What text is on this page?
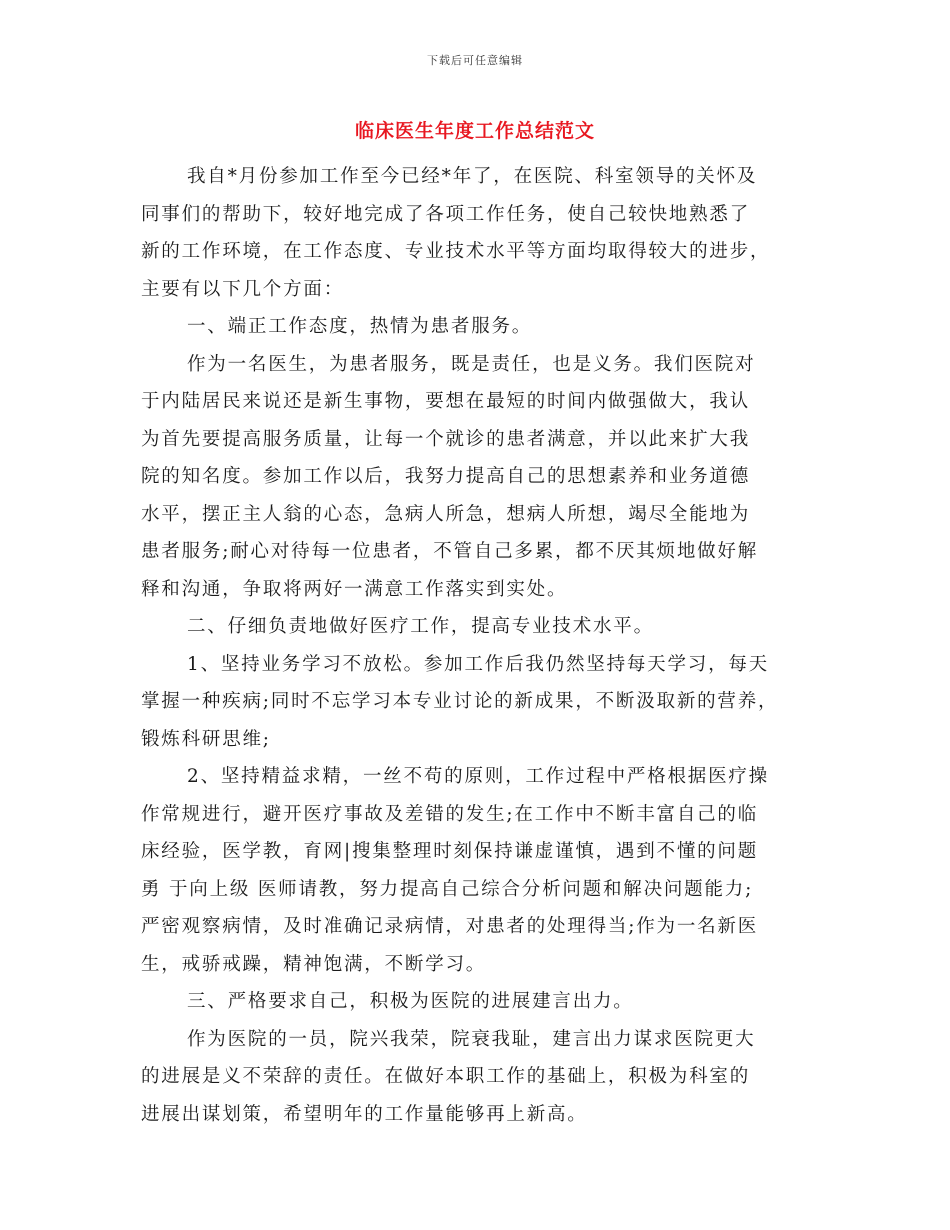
下载后可任意编辑
临床医生年度工作总结范文
我自*月份参加工作至今已经*年了，在医院、科室领导的关怀及
同事们的帮助下，较好地完成了各项工作任务，使自己较快地熟悉了
新的工作环境，在工作态度、专业技术水平等方面均取得较大的进步，
主要有以下几个方面：
一、端正工作态度，热情为患者服务。
作为一名医生，为患者服务，既是责任，也是义务。我们医院对
于内陆居民来说还是新生事物，要想在最短的时间内做强做大，我认
为首先要提高服务质量，让每一个就诊的患者满意，并以此来扩大我
院的知名度。参加工作以后，我努力提高自己的思想素养和业务道德
水平，摆正主人翁的心态，急病人所急，想病人所想，竭尽全能地为
患者服务;耐心对待每一位患者，不管自己多累，都不厌其烦地做好解
释和沟通，争取将两好一满意工作落实到实处。
二、仔细负责地做好医疗工作，提高专业技术水平。
1、坚持业务学习不放松。参加工作后我仍然坚持每天学习，每天
掌握一种疾病;同时不忘学习本专业讨论的新成果，不断汲取新的营养，
锻炼科研思维;
2、坚持精益求精，一丝不苟的原则，工作过程中严格根据医疗操
作常规进行，避开医疗事故及差错的发生;在工作中不断丰富自己的临
床经验，医学教，育网|搜集整理时刻保持谦虚谨慎，遇到不懂的问题
勇 于向上级 医师请教，努力提高自己综合分析问题和解决问题能力;
严密观察病情，及时准确记录病情，对患者的处理得当;作为一名新医
生，戒骄戒躁，精神饱满，不断学习。
三、严格要求自己，积极为医院的进展建言出力。
作为医院的一员，院兴我荣，院衰我耻，建言出力谋求医院更大
的进展是义不荣辞的责任。在做好本职工作的基础上，积极为科室的
进展出谋划策，希望明年的工作量能够再上新高。
